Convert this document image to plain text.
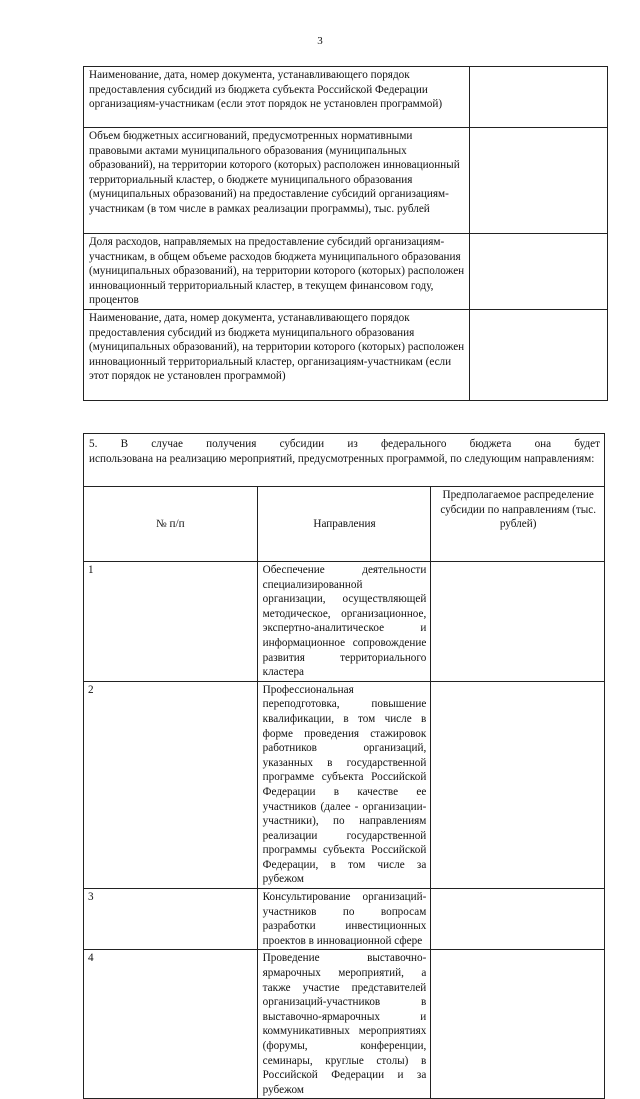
3
Наименование, дата, номер документа, устанавливающего порядок предоставления субсидий из бюджета субъекта Российской Федерации организациям-участникам (если этот порядок не установлен программой)	
Объем бюджетных ассигнований, предусмотренных нормативными правовыми актами муниципального образования (муниципальных образований), на территории которого (которых) расположен инновационный территориальный кластер, о бюджете муниципального образования (муниципальных образований) на предоставление субсидий организациям-участникам (в том числе в рамках реализации программы), тыс. рублей	
Доля расходов, направляемых на предоставление субсидий организациям-участникам, в общем объеме расходов бюджета муниципального образования (муниципальных образований), на территории которого (которых) расположен инновационный территориальный кластер, в текущем финансовом году, процентов	
Наименование, дата, номер документа, устанавливающего порядок предоставления субсидий из бюджета муниципального образования (муниципальных образований), на территории которого (которых) расположен инновационный территориальный кластер, организациям-участникам (если этот порядок не установлен программой)	
5. В случае получения субсидии из федерального бюджета она будет
использована на реализацию мероприятий, предусмотренных программой, по следующим направлениям:		

№ п/п	Направления	Предполагаемое распределение субсидии по направлениям (тыс. рублей)
1	Обеспечение деятельности специализированной организации, осуществляющей методическое, организационное, экспертно-аналитическое и информационное сопровождение развития территориального кластера	
2	Профессиональная переподготовка, повышение квалификации, в том числе в форме проведения стажировок работников организаций, указанных в государственной программе субъекта Российской Федерации в качестве ее участников (далее - организации-участники), по направлениям реализации государственной программы субъекта Российской Федерации, в том числе за рубежом	
3	Консультирование организаций-участников по вопросам разработки инвестиционных проектов в инновационной сфере	
4	Проведение выставочно-ярмарочных мероприятий, а также участие представителей организаций-участников в выставочно-ярмарочных и коммуникативных мероприятиях (форумы, конференции, семинары, круглые столы) в Российской Федерации и за рубежом	
